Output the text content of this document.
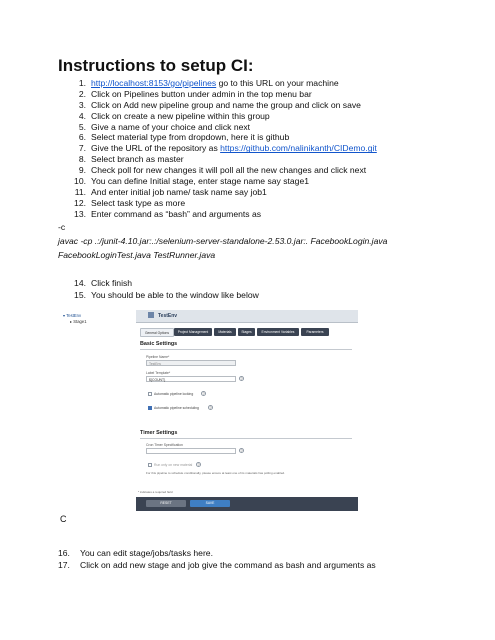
Instructions to setup CI:
1. http://localhost:8153/go/pipelines go to this URL on your machine
2. Click on Pipelines button under admin in the top menu bar
3. Click on Add new pipeline group and name the group and click on save
4. Click on create a new pipeline within this group
5. Give a name of your choice and click next
6. Select material type from dropdown, here it is github
7. Give the URL of the repository as https://github.com/nalinikanth/CIDemo.git
8. Select branch as master
9. Check poll for new changes it will poll all the new changes and click next
10. You can define Initial stage, enter stage name say stage1
11. And enter initial job name/ task name say job1
12. Select task type as more
13. Enter command as “bash” and arguments as
-c
javac -cp .:/junit-4.10.jar:.:/selenium-server-standalone-2.53.0.jar:. FacebookLogin.java
FacebookLoginTest.java TestRunner.java
14. Click finish
15. You should be able to the window like below
▾ TestEnv
▸ Stage1
TestEnv
General Options	Project Management	Materials	Stages	Environment Variables	Parameters
Basic Settings
Pipeline Name*
TestEnv
Label Template*
${COUNT}	?
Automatic pipeline locking	?
Automatic pipeline scheduling	?
Timer Settings
Cron Timer Specification
?
Run only on new material	?
For this pipeline to schedule conditionally, please ensure at least one of its materials has polling enabled.
* indicates a required field
RESET	SAVE
C
16. You can edit stage/jobs/tasks here.
17. Click on add new stage and job give the command as bash and arguments as
